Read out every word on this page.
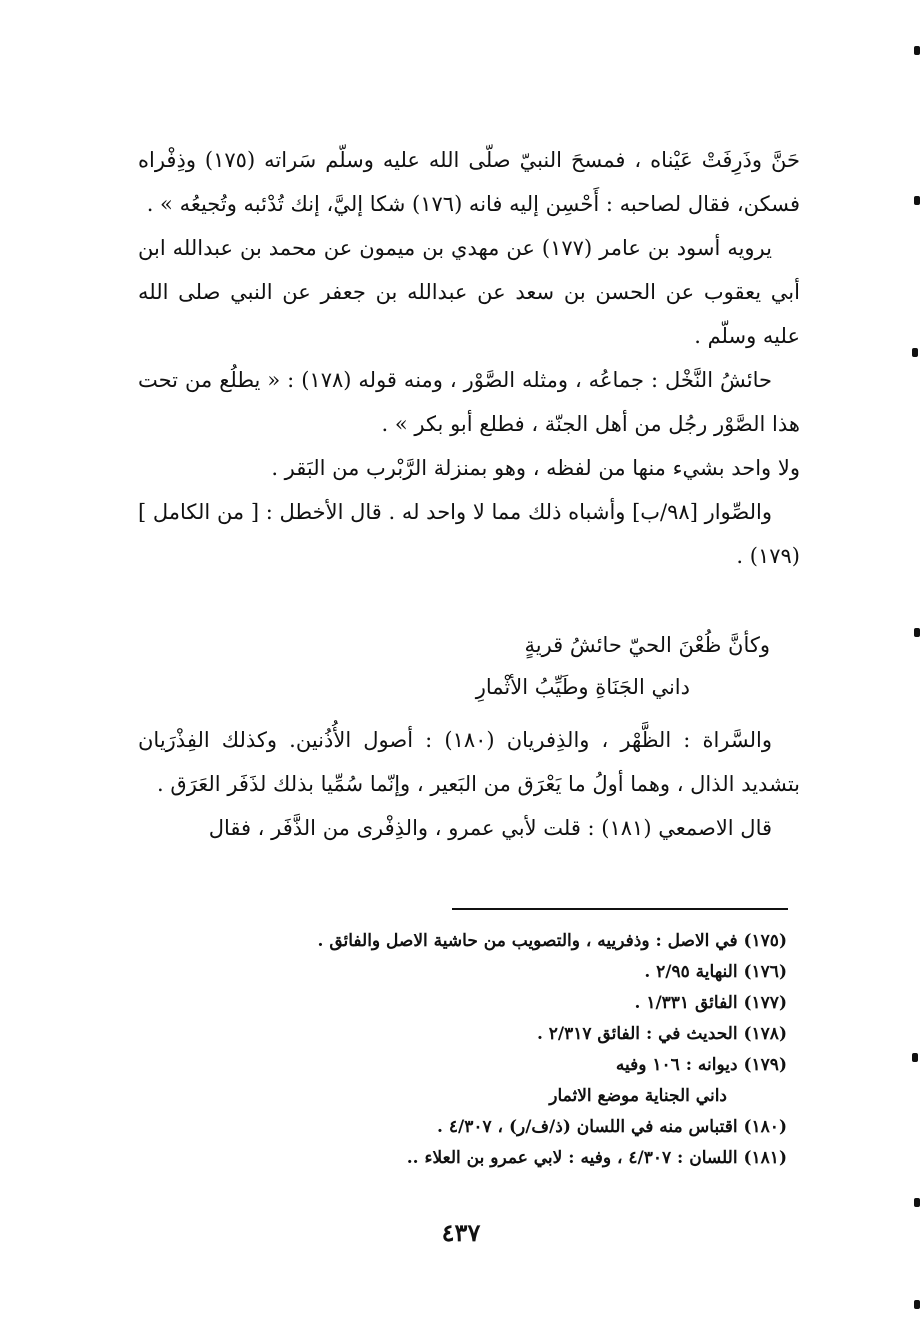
حَنَّ وذَرِفَتْ عَيْناه ، فمسحَ النبيّ صلّى الله عليه وسلّم سَراته (١٧٥) وذِفْراه فسكن، فقال لصاحبه : أَحْسِن إليه فانه (١٧٦) شكا إليَّ، إنك تُدْئبه وتُجيعُه » .

يرويه أسود بن عامر (١٧٧) عن مهدي بن ميمون عن محمد بن عبدالله ابن أبي يعقوب عن الحسن بن سعد عن عبدالله بن جعفر عن النبي صلى الله عليه وسلّم .

حائشُ النَّخْل : جماعُه ، ومثله الصَّوْر ، ومنه قوله (١٧٨) : « يطلُع من تحت هذا الصَّوْر رجُل من أهل الجنّة ، فطلع أبو بكر » .

ولا واحد بشيء منها من لفظه ، وهو بمنزلة الرَّبْرب من البَقر .

والصِّوار [٩٨/ب] وأشباه ذلك مما لا واحد له . قال الأخطل : [ من الكامل ] (١٧٩) .

وكأنَّ ظُعْنَ الحيّ حائشُ قريةٍ
داني الجَنَاةِ وطَيِّبُ الأثْمارِ

والسَّراة : الظَّهْر ، والذِفريان (١٨٠) : أصول الأُذُنين. وكذلك الفِذْرَيان بتشديد الذال ، وهما أولُ ما يَعْرَق من البَعير ، وإنّما سُمِّيا بذلك لذَفَر العَرَق .

قال الاصمعي (١٨١) : قلت لأبي عمرو ، والذِفْرى من الذَّفَر ، فقال

(١٧٥) في الاصل : وذفرييه ، والتصويب من حاشية الاصل والفائق .
(١٧٦) النهاية ٢/٩٥ .
(١٧٧) الفائق ١/٣٣١ .
(١٧٨) الحديث في : الفائق ٢/٣١٧ .
(١٧٩) ديوانه : ١٠٦ وفيه
داني الجناية موضع الاثمار
(١٨٠) اقتباس منه في اللسان (ذ/ف/ر) ، ٤/٣٠٧ .
(١٨١) اللسان : ٤/٣٠٧ ، وفيه : لابي عمرو بن العلاء ..
٤٣٧
